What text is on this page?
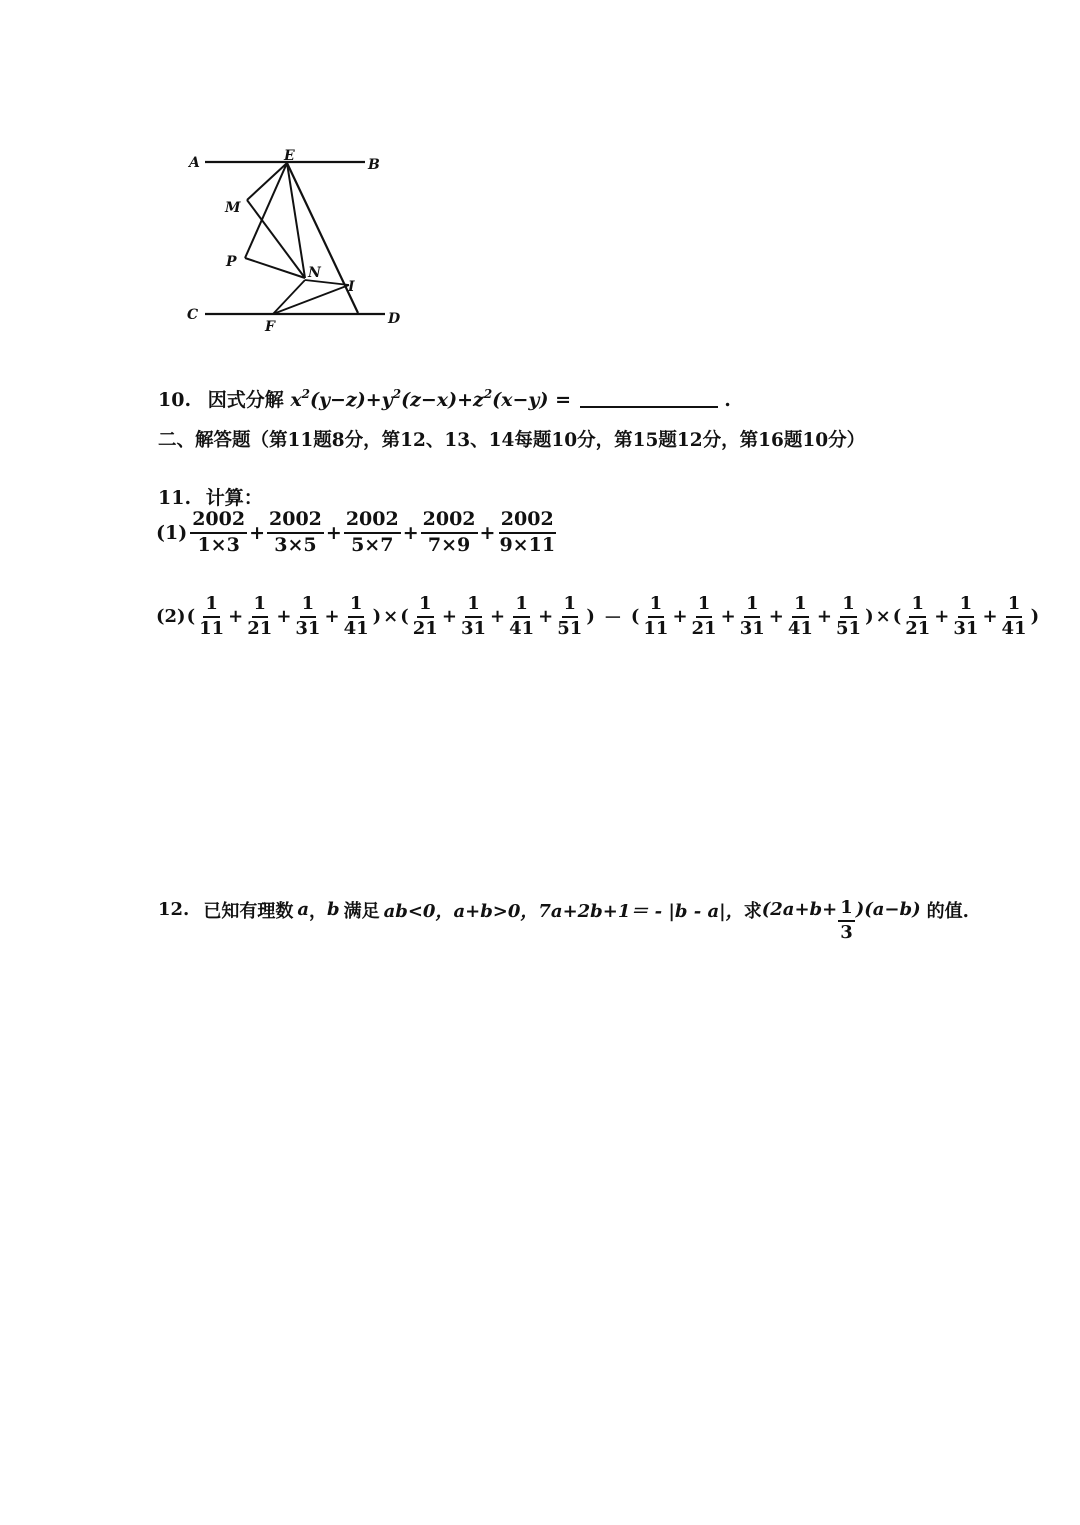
A	B
E
M
P
N
I
C
F	D
10. 因式分解 $x^2(y-z)+y^2(z-x)+z^2(x-y)$ =	.
二、解答题（第11题8分，第12、13、14每题10分，第15题12分，第16题10分）
11. 计算：
$(1) \frac{2002}{1\times 3} + \frac{2002}{3\times 5} + \frac{2002}{5\times 7} + \frac{2002}{7\times 9} + \frac{2002}{9\times 11}$
(2) ( $\frac{1}{11} + \frac{1}{21} + \frac{1}{31} + \frac{1}{41}$ ) × ( $\frac{1}{21} + \frac{1}{31} + \frac{1}{41} + \frac{1}{51}$ ) － ( $\frac{1}{11} + \frac{1}{21} + \frac{1}{31} + \frac{1}{41} + \frac{1}{51}$ ) × ( $\frac{1}{21} + \frac{1}{31} + \frac{1}{41}$ )
12. 已知有理数 a ， b 满足 ab<0， a+b>0， 7a+2b+1＝ - |b - a|， 求 $(2a+b+ \frac{1}{3} )(a-b)$ 的值.
